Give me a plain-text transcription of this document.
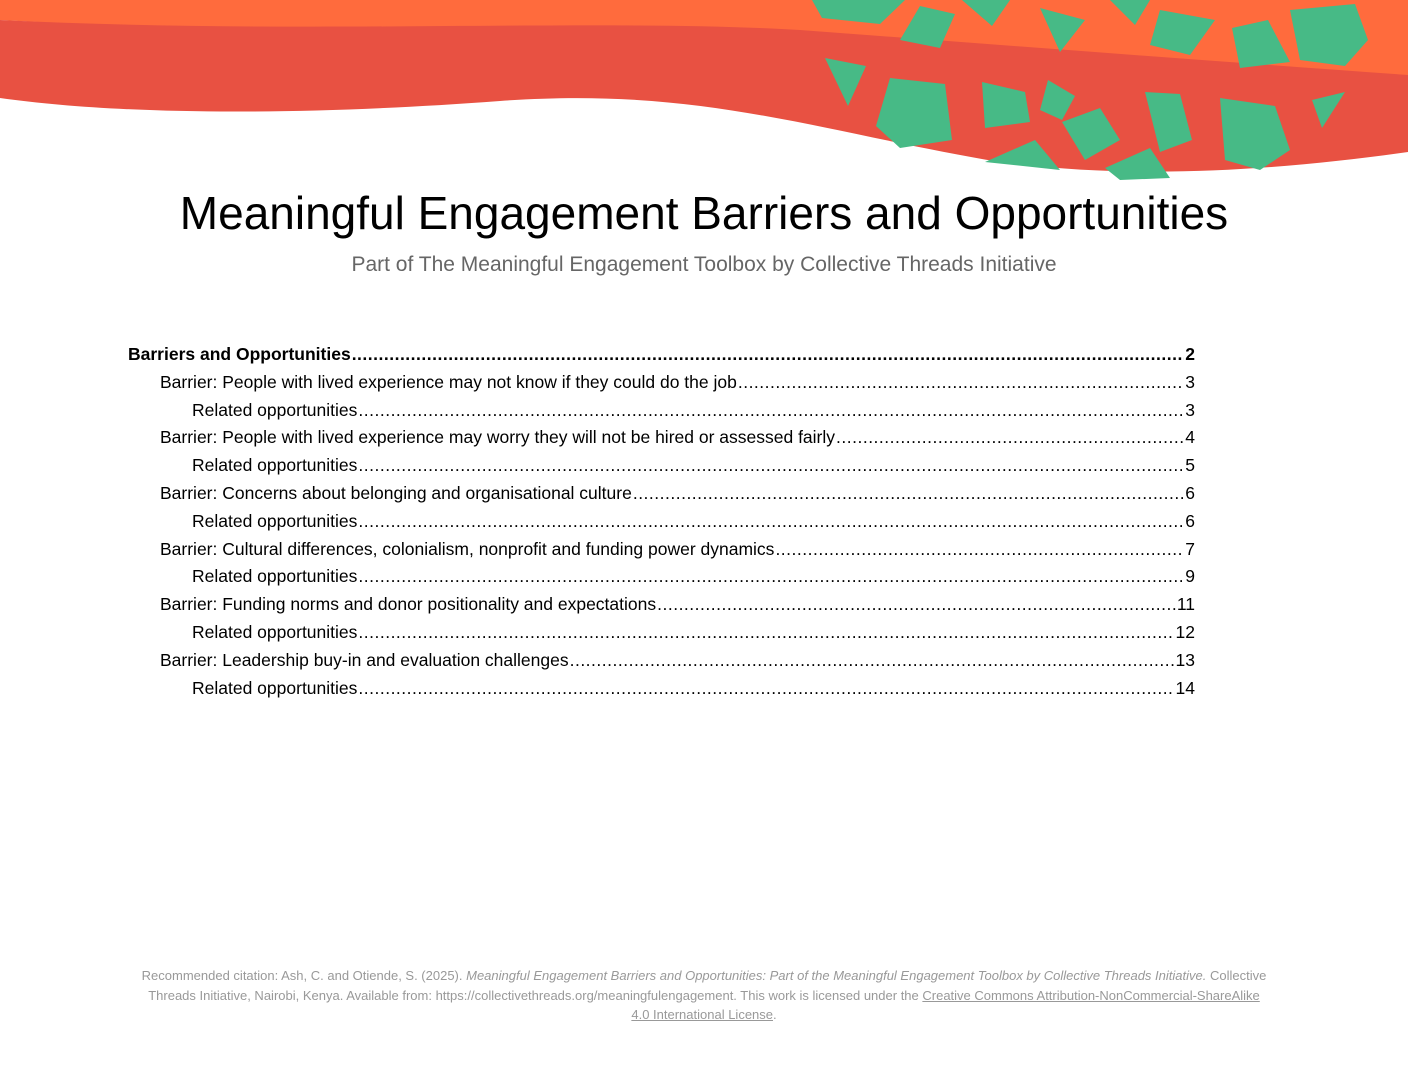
Meaningful Engagement Barriers and Opportunities
Part of The Meaningful Engagement Toolbox by Collective Threads Initiative
Barriers and Opportunities .....	2
Barrier: People with lived experience may not know if they could do the job .....	3
Related opportunities .....	3
Barrier: People with lived experience may worry they will not be hired or assessed fairly .....	4
Related opportunities .....	5
Barrier: Concerns about belonging and organisational culture .....	6
Related opportunities .....	6
Barrier: Cultural differences, colonialism, nonprofit and funding power dynamics .....	7
Related opportunities .....	9
Barrier: Funding norms and donor positionality and expectations .....	11
Related opportunities .....	12
Barrier: Leadership buy-in and evaluation challenges .....	13
Related opportunities .....	14
Recommended citation: Ash, C. and Otiende, S. (2025). Meaningful Engagement Barriers and Opportunities: Part of the Meaningful Engagement Toolbox by Collective Threads Initiative. Collective Threads Initiative, Nairobi, Kenya. Available from: https://collectivethreads.org/meaningfulengagement. This work is licensed under the Creative Commons Attribution-NonCommercial-ShareAlike 4.0 International License.
